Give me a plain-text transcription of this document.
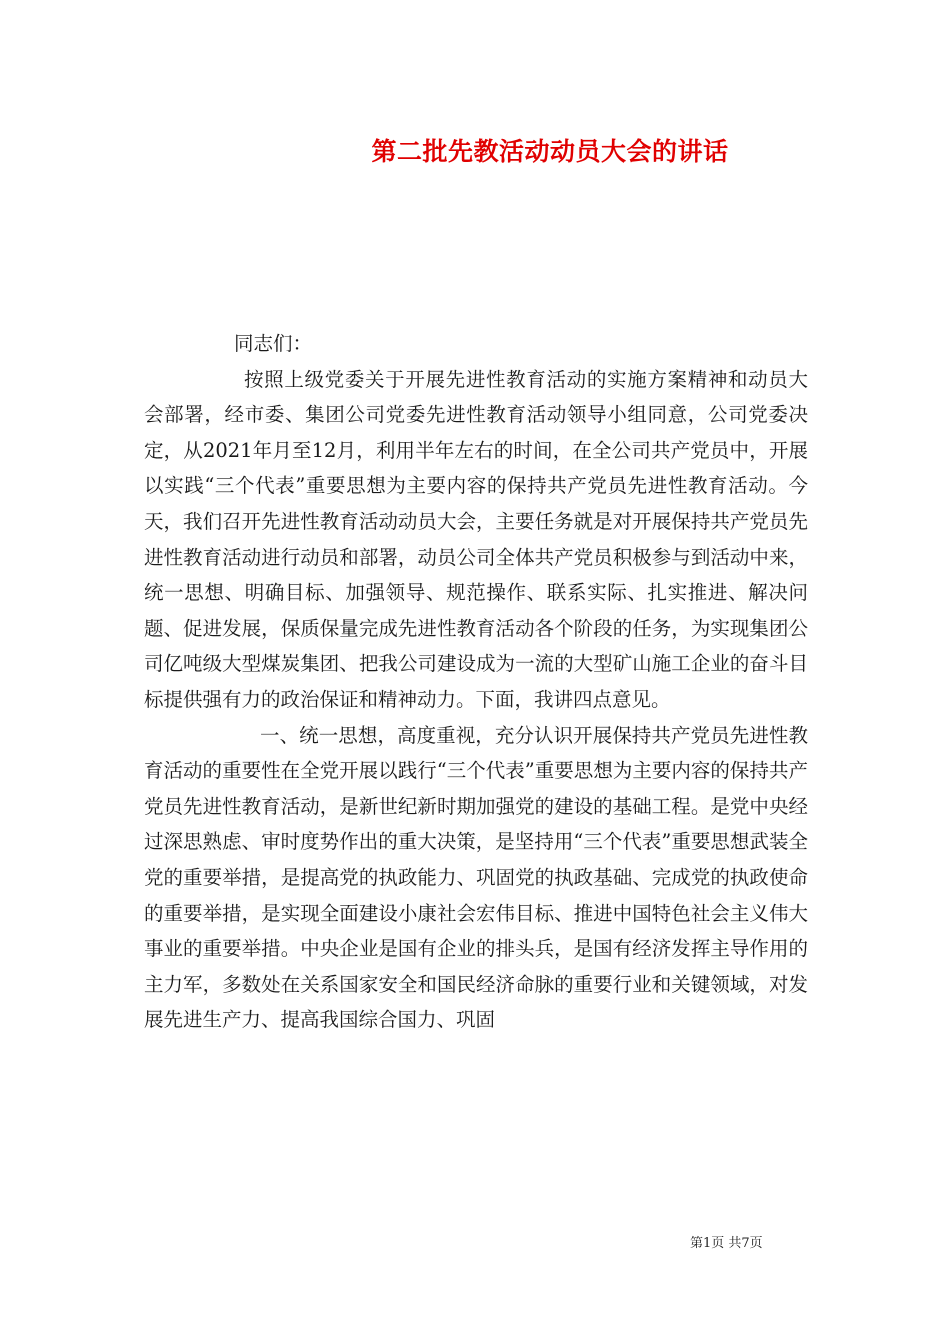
第二批先教活动动员大会的讲话

同志们：

按照上级党委关于开展先进性教育活动的实施方案精神和动员大会部署，经市委、集团公司党委先进性教育活动领导小组同意，公司党委决定，从2021年月至12月，利用半年左右的时间，在全公司共产党员中，开展以实践“三个代表”重要思想为主要内容的保持共产党员先进性教育活动。今天，我们召开先进性教育活动动员大会，主要任务就是对开展保持共产党员先进性教育活动进行动员和部署，动员公司全体共产党员积极参与到活动中来，统一思想、明确目标、加强领导、规范操作、联系实际、扎实推进、解决问题、促进发展，保质保量完成先进性教育活动各个阶段的任务，为实现集团公司亿吨级大型煤炭集团、把我公司建设成为一流的大型矿山施工企业的奋斗目标提供强有力的政治保证和精神动力。下面，我讲四点意见。

一、统一思想，高度重视，充分认识开展保持共产党员先进性教育活动的重要性在全党开展以践行“三个代表”重要思想为主要内容的保持共产党员先进性教育活动，是新世纪新时期加强党的建设的基础工程。是党中央经过深思熟虑、审时度势作出的重大决策，是坚持用“三个代表”重要思想武装全党的重要举措，是提高党的执政能力、巩固党的执政基础、完成党的执政使命的重要举措，是实现全面建设小康社会宏伟目标、推进中国特色社会主义伟大事业的重要举措。中央企业是国有企业的排头兵，是国有经济发挥主导作用的主力军，多数处在关系国家安全和国民经济命脉的重要行业和关键领域，对发展先进生产力、提高我国综合国力、巩固

第1页 共7页
